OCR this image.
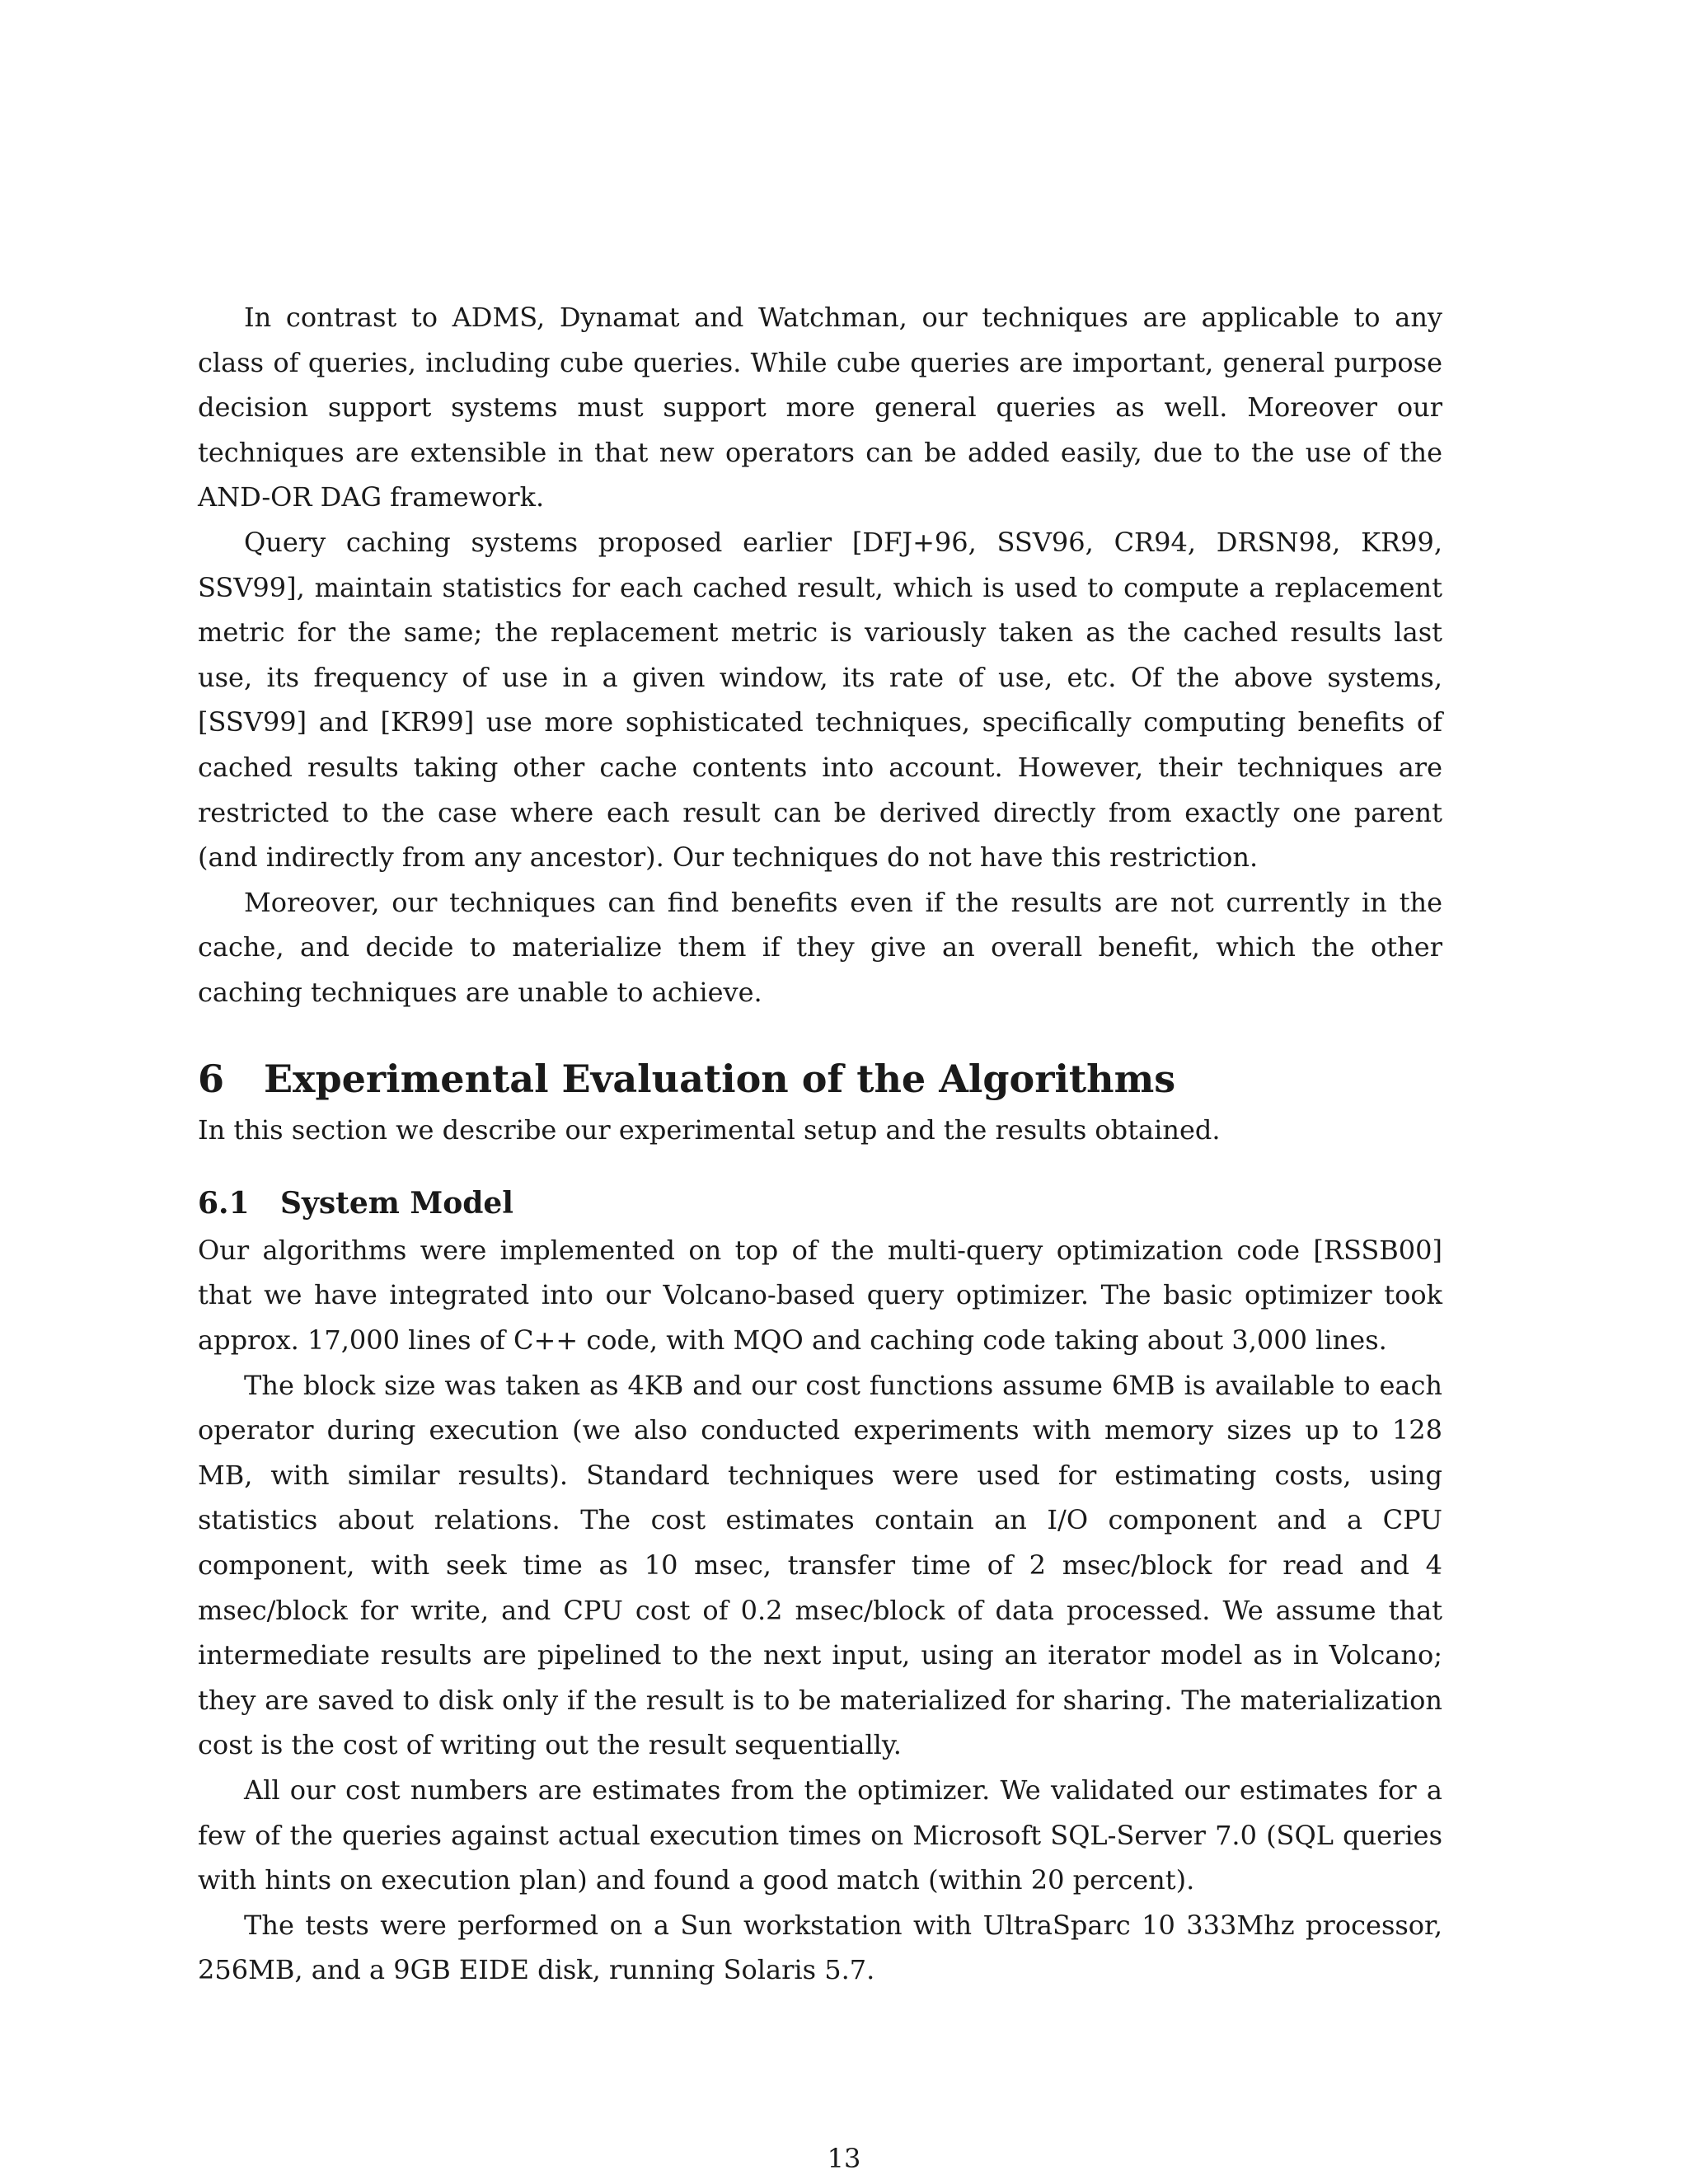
In contrast to ADMS, Dynamat and Watchman, our techniques are applicable to any class of queries, including cube queries. While cube queries are important, general purpose decision support systems must support more general queries as well. Moreover our techniques are extensible in that new operators can be added easily, due to the use of the AND-OR DAG framework.

Query caching systems proposed earlier [DFJ+96, SSV96, CR94, DRSN98, KR99, SSV99], maintain statistics for each cached result, which is used to compute a replacement metric for the same; the replacement metric is variously taken as the cached results last use, its frequency of use in a given window, its rate of use, etc. Of the above systems, [SSV99] and [KR99] use more sophisticated techniques, specifically computing benefits of cached results taking other cache contents into account. However, their techniques are restricted to the case where each result can be derived directly from exactly one parent (and indirectly from any ancestor). Our techniques do not have this restriction.

Moreover, our techniques can find benefits even if the results are not currently in the cache, and decide to materialize them if they give an overall benefit, which the other caching techniques are unable to achieve.

6 Experimental Evaluation of the Algorithms

In this section we describe our experimental setup and the results obtained.

6.1 System Model

Our algorithms were implemented on top of the multi-query optimization code [RSSB00] that we have integrated into our Volcano-based query optimizer. The basic optimizer took approx. 17,000 lines of C++ code, with MQO and caching code taking about 3,000 lines.

The block size was taken as 4KB and our cost functions assume 6MB is available to each operator during execution (we also conducted experiments with memory sizes up to 128 MB, with similar results). Standard techniques were used for estimating costs, using statistics about relations. The cost estimates contain an I/O component and a CPU component, with seek time as 10 msec, transfer time of 2 msec/block for read and 4 msec/block for write, and CPU cost of 0.2 msec/block of data processed. We assume that intermediate results are pipelined to the next input, using an iterator model as in Volcano; they are saved to disk only if the result is to be materialized for sharing. The materialization cost is the cost of writing out the result sequentially.

All our cost numbers are estimates from the optimizer. We validated our estimates for a few of the queries against actual execution times on Microsoft SQL-Server 7.0 (SQL queries with hints on execution plan) and found a good match (within 20 percent).

The tests were performed on a Sun workstation with UltraSparc 10 333Mhz processor, 256MB, and a 9GB EIDE disk, running Solaris 5.7.

13
